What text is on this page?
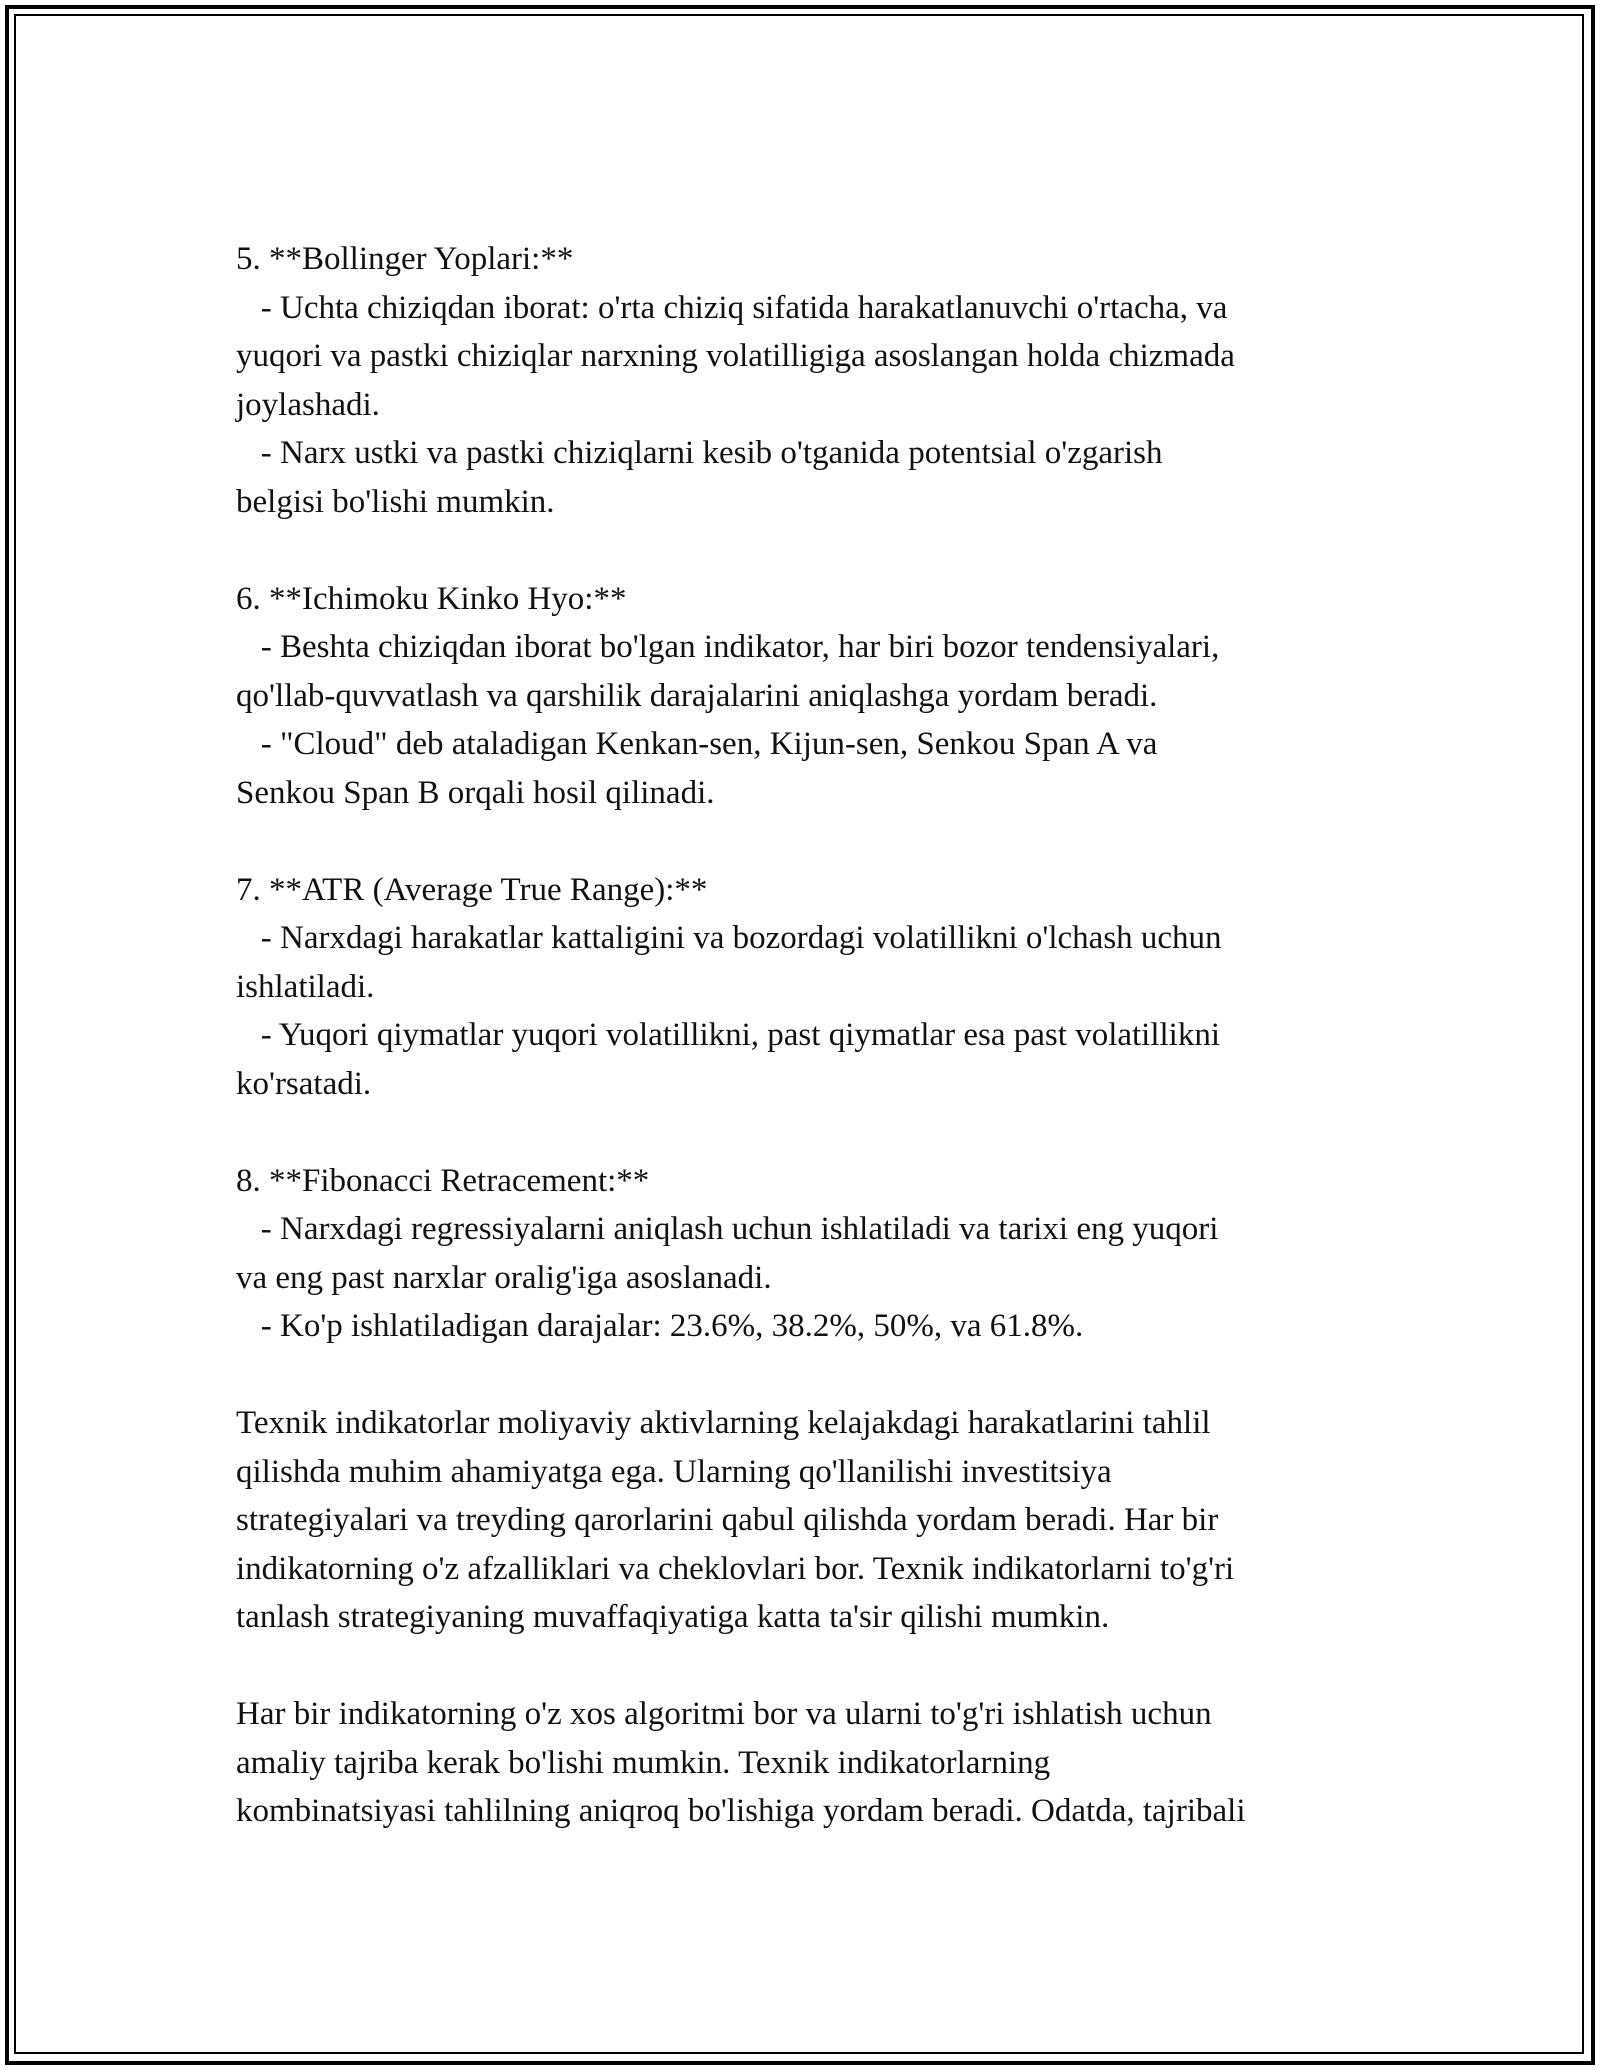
5. **Bollinger Yoplari:**
- Uchta chiziqdan iborat: o'rta chiziq sifatida harakatlanuvchi o'rtacha, va
yuqori va pastki chiziqlar narxning volatilligiga asoslangan holda chizmada
joylashadi.
- Narx ustki va pastki chiziqlarni kesib o'tganida potentsial o'zgarish
belgisi bo'lishi mumkin.
6. **Ichimoku Kinko Hyo:**
- Beshta chiziqdan iborat bo'lgan indikator, har biri bozor tendensiyalari,
qo'llab-quvvatlash va qarshilik darajalarini aniqlashga yordam beradi.
- "Cloud" deb ataladigan Kenkan-sen, Kijun-sen, Senkou Span A va
Senkou Span B orqali hosil qilinadi.
7. **ATR (Average True Range):**
- Narxdagi harakatlar kattaligini va bozordagi volatillikni o'lchash uchun
ishlatiladi.
- Yuqori qiymatlar yuqori volatillikni, past qiymatlar esa past volatillikni
ko'rsatadi.
8. **Fibonacci Retracement:**
- Narxdagi regressiyalarni aniqlash uchun ishlatiladi va tarixi eng yuqori
va eng past narxlar oralig'iga asoslanadi.
- Ko'p ishlatiladigan darajalar: 23.6%, 38.2%, 50%, va 61.8%.
Texnik indikatorlar moliyaviy aktivlarning kelajakdagi harakatlarini tahlil
qilishda muhim ahamiyatga ega. Ularning qo'llanilishi investitsiya
strategiyalari va treyding qarorlarini qabul qilishda yordam beradi. Har bir
indikatorning o'z afzalliklari va cheklovlari bor. Texnik indikatorlarni to'g'ri
tanlash strategiyaning muvaffaqiyatiga katta ta'sir qilishi mumkin.
Har bir indikatorning o'z xos algoritmi bor va ularni to'g'ri ishlatish uchun
amaliy tajriba kerak bo'lishi mumkin. Texnik indikatorlarning
kombinatsiyasi tahlilning aniqroq bo'lishiga yordam beradi. Odatda, tajribali
